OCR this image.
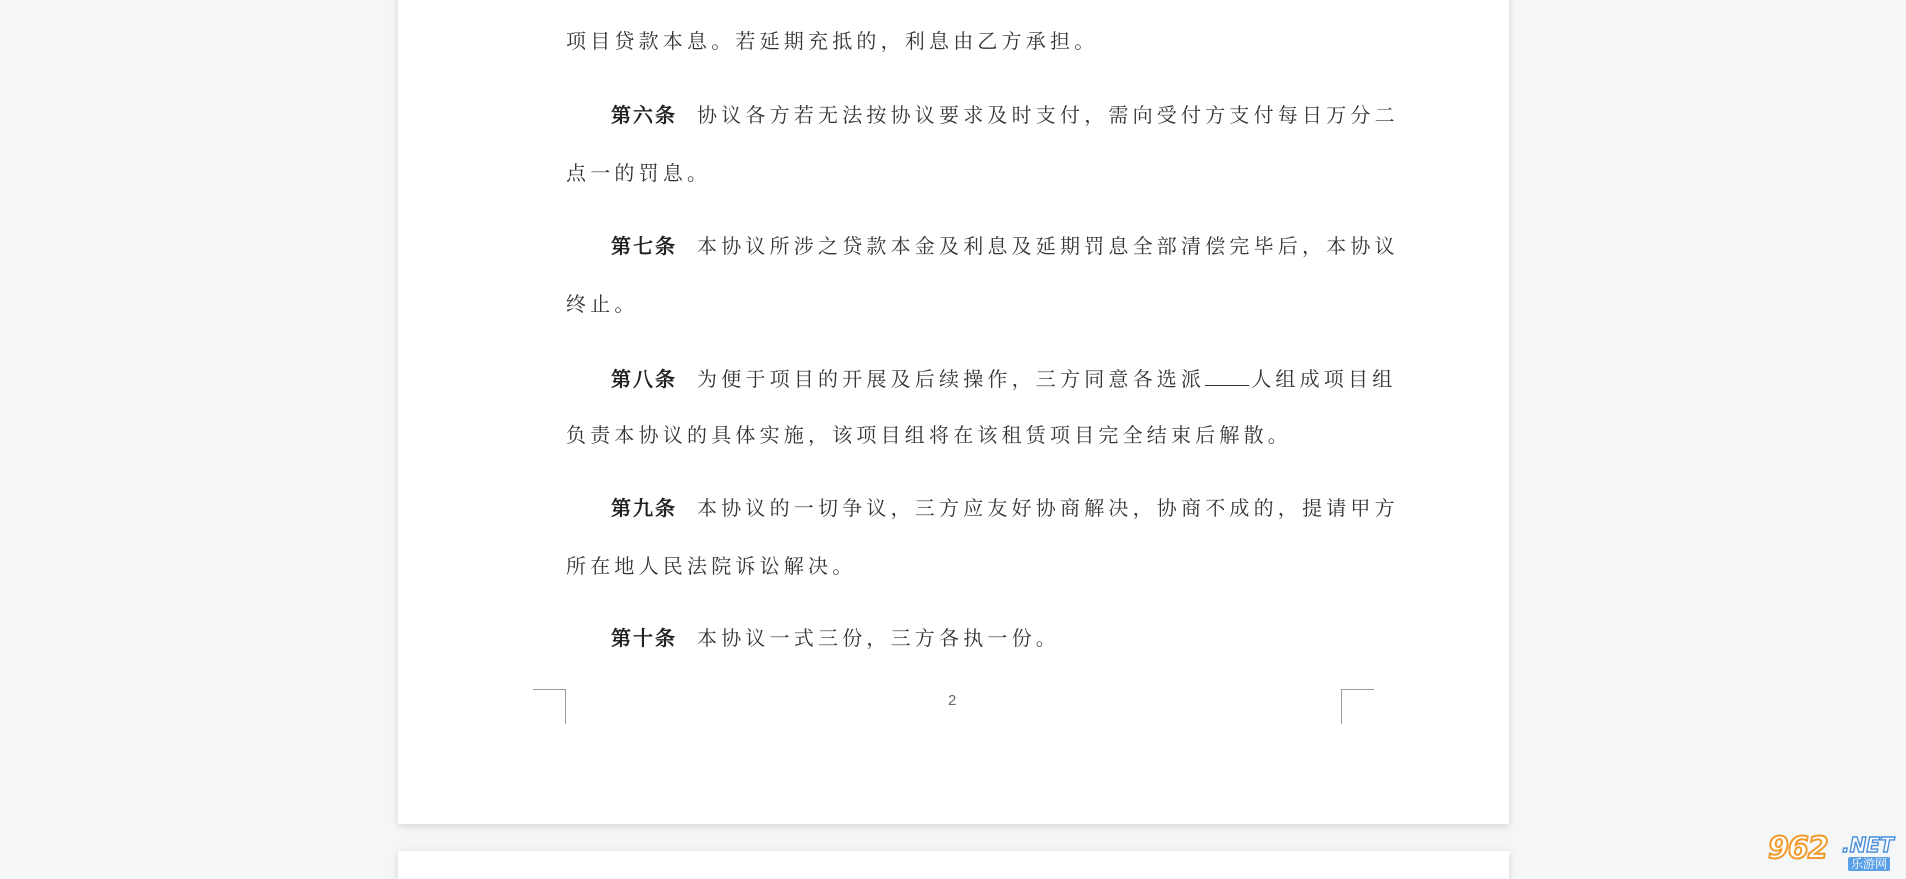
项目贷款本息。若延期充抵的，利息由乙方承担。
第六条 协议各方若无法按协议要求及时支付，需向受付方支付每日万分二
点一的罚息。
第七条 本协议所涉之贷款本金及利息及延期罚息全部清偿完毕后，本协议
终止。
第八条 为便于项目的开展及后续操作，三方同意各选派 人组成项目组
负责本协议的具体实施，该项目组将在该租赁项目完全结束后解散。
第九条 本协议的一切争议，三方应友好协商解决，协商不成的，提请甲方
所在地人民法院诉讼解决。
第十条 本协议一式三份，三方各执一份。
2
962 .NET
乐游网
